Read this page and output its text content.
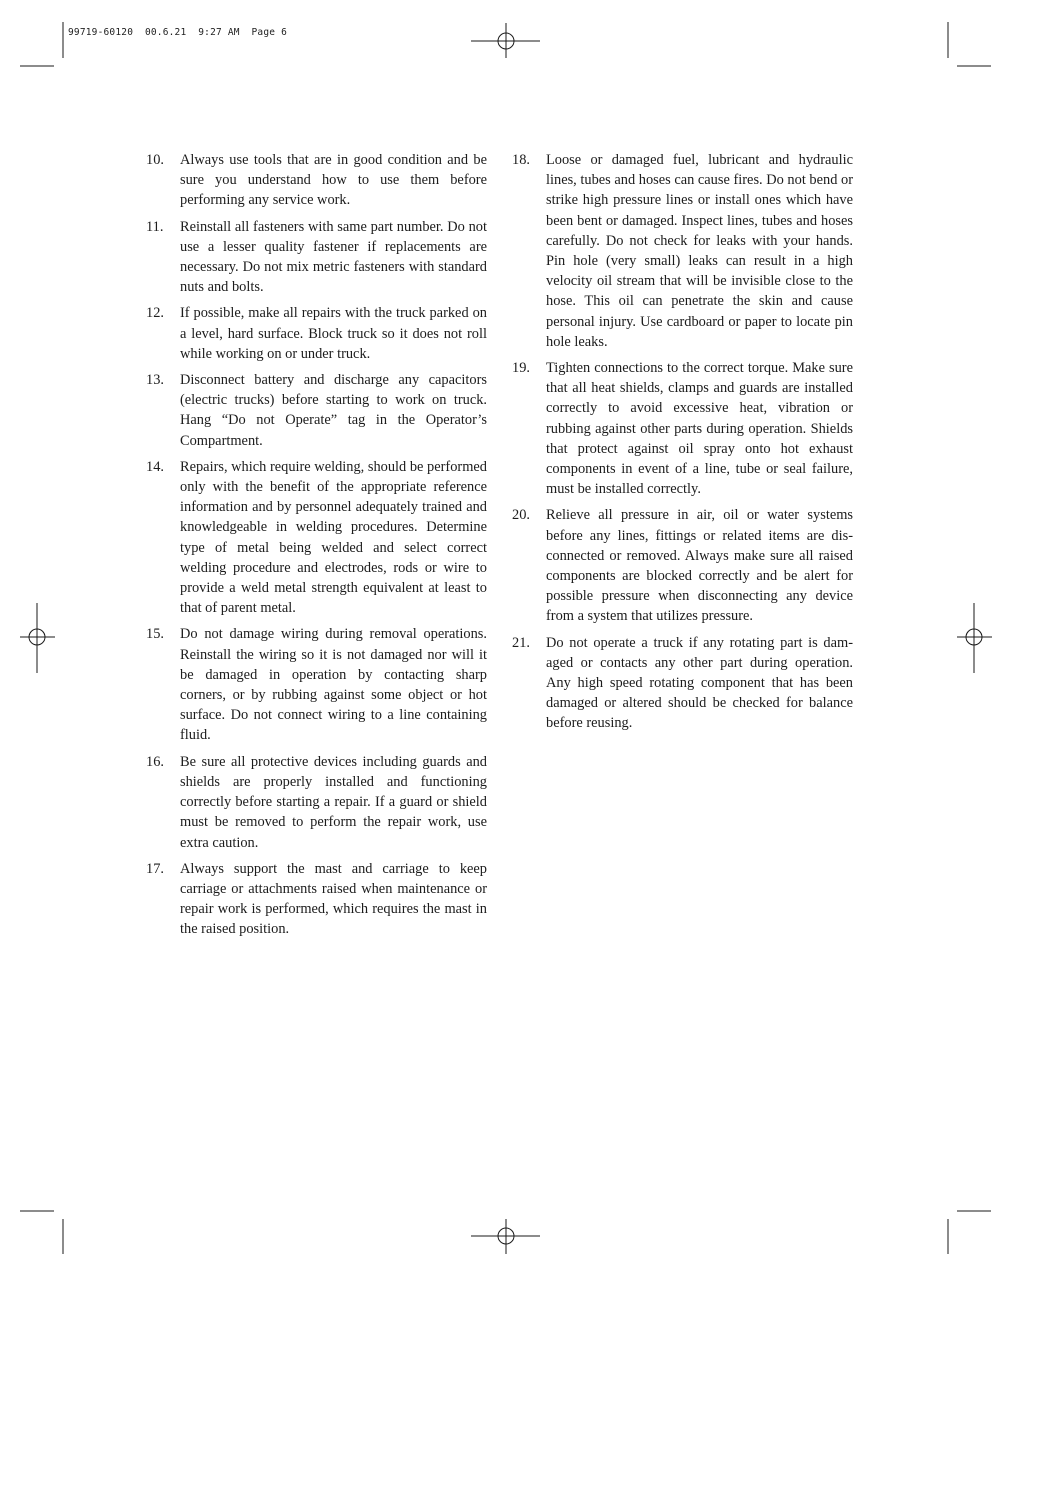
99719-60120  00.6.21  9:27 AM  Page 6
10.	Always use tools that are in good condition and be sure you understand how to use them before performing any service work.
11.	Reinstall all fasteners with same part number. Do not use a lesser quality fastener if replacements are necessary. Do not mix metric fasteners with standard nuts and bolts.
12.	If possible, make all repairs with the truck parked on a level, hard surface. Block truck so it does not roll while working on or under truck.
13.	Disconnect battery and discharge any capacitors (electric trucks) before starting to work on truck. Hang “Do not Operate” tag in the Operator’s Compartment.
14.	Repairs, which require welding, should be performed only with the benefit of the appropriate reference information and by personnel adequately trained and knowledgeable in welding procedures. Determine type of metal being welded and select correct welding procedure and electrodes, rods or wire to provide a weld metal strength equivalent at least to that of parent metal.
15.	Do not damage wiring during removal operations. Reinstall the wiring so it is not damaged nor will it be damaged in operation by contacting sharp corners, or by rubbing against some object or hot surface. Do not connect wiring to a line containing fluid.
16.	Be sure all protective devices including guards and shields are properly installed and functioning correctly before starting a repair. If a guard or shield must be removed to perform the repair work, use extra caution.
17.	Always support the mast and carriage to keep carriage or attachments raised when maintenance or repair work is performed, which requires the mast in the raised position.
18.	Loose or damaged fuel, lubricant and hydraulic lines, tubes and hoses can cause fires. Do not bend or strike high pressure lines or install ones which have been bent or damaged. Inspect lines, tubes and hoses carefully. Do not check for leaks with your hands. Pin hole (very small) leaks can result in a high velocity oil stream that will be invisible close to the hose. This oil can penetrate the skin and cause personal injury. Use cardboard or paper to locate pin hole leaks.
19.	Tighten connections to the correct torque. Make sure that all heat shields, clamps and guards are installed correctly to avoid excessive heat, vibration or rubbing against other parts during operation. Shields that protect against oil spray onto hot exhaust components in event of a line, tube or seal failure, must be installed correctly.
20.	Relieve all pressure in air, oil or water systems before any lines, fittings or related items are disconnected or removed. Always make sure all raised components are blocked correctly and be alert for possible pressure when disconnecting any device from a system that utilizes pressure.
21.	Do not operate a truck if any rotating part is damaged or contacts any other part during operation. Any high speed rotating component that has been damaged or altered should be checked for balance before reusing.
